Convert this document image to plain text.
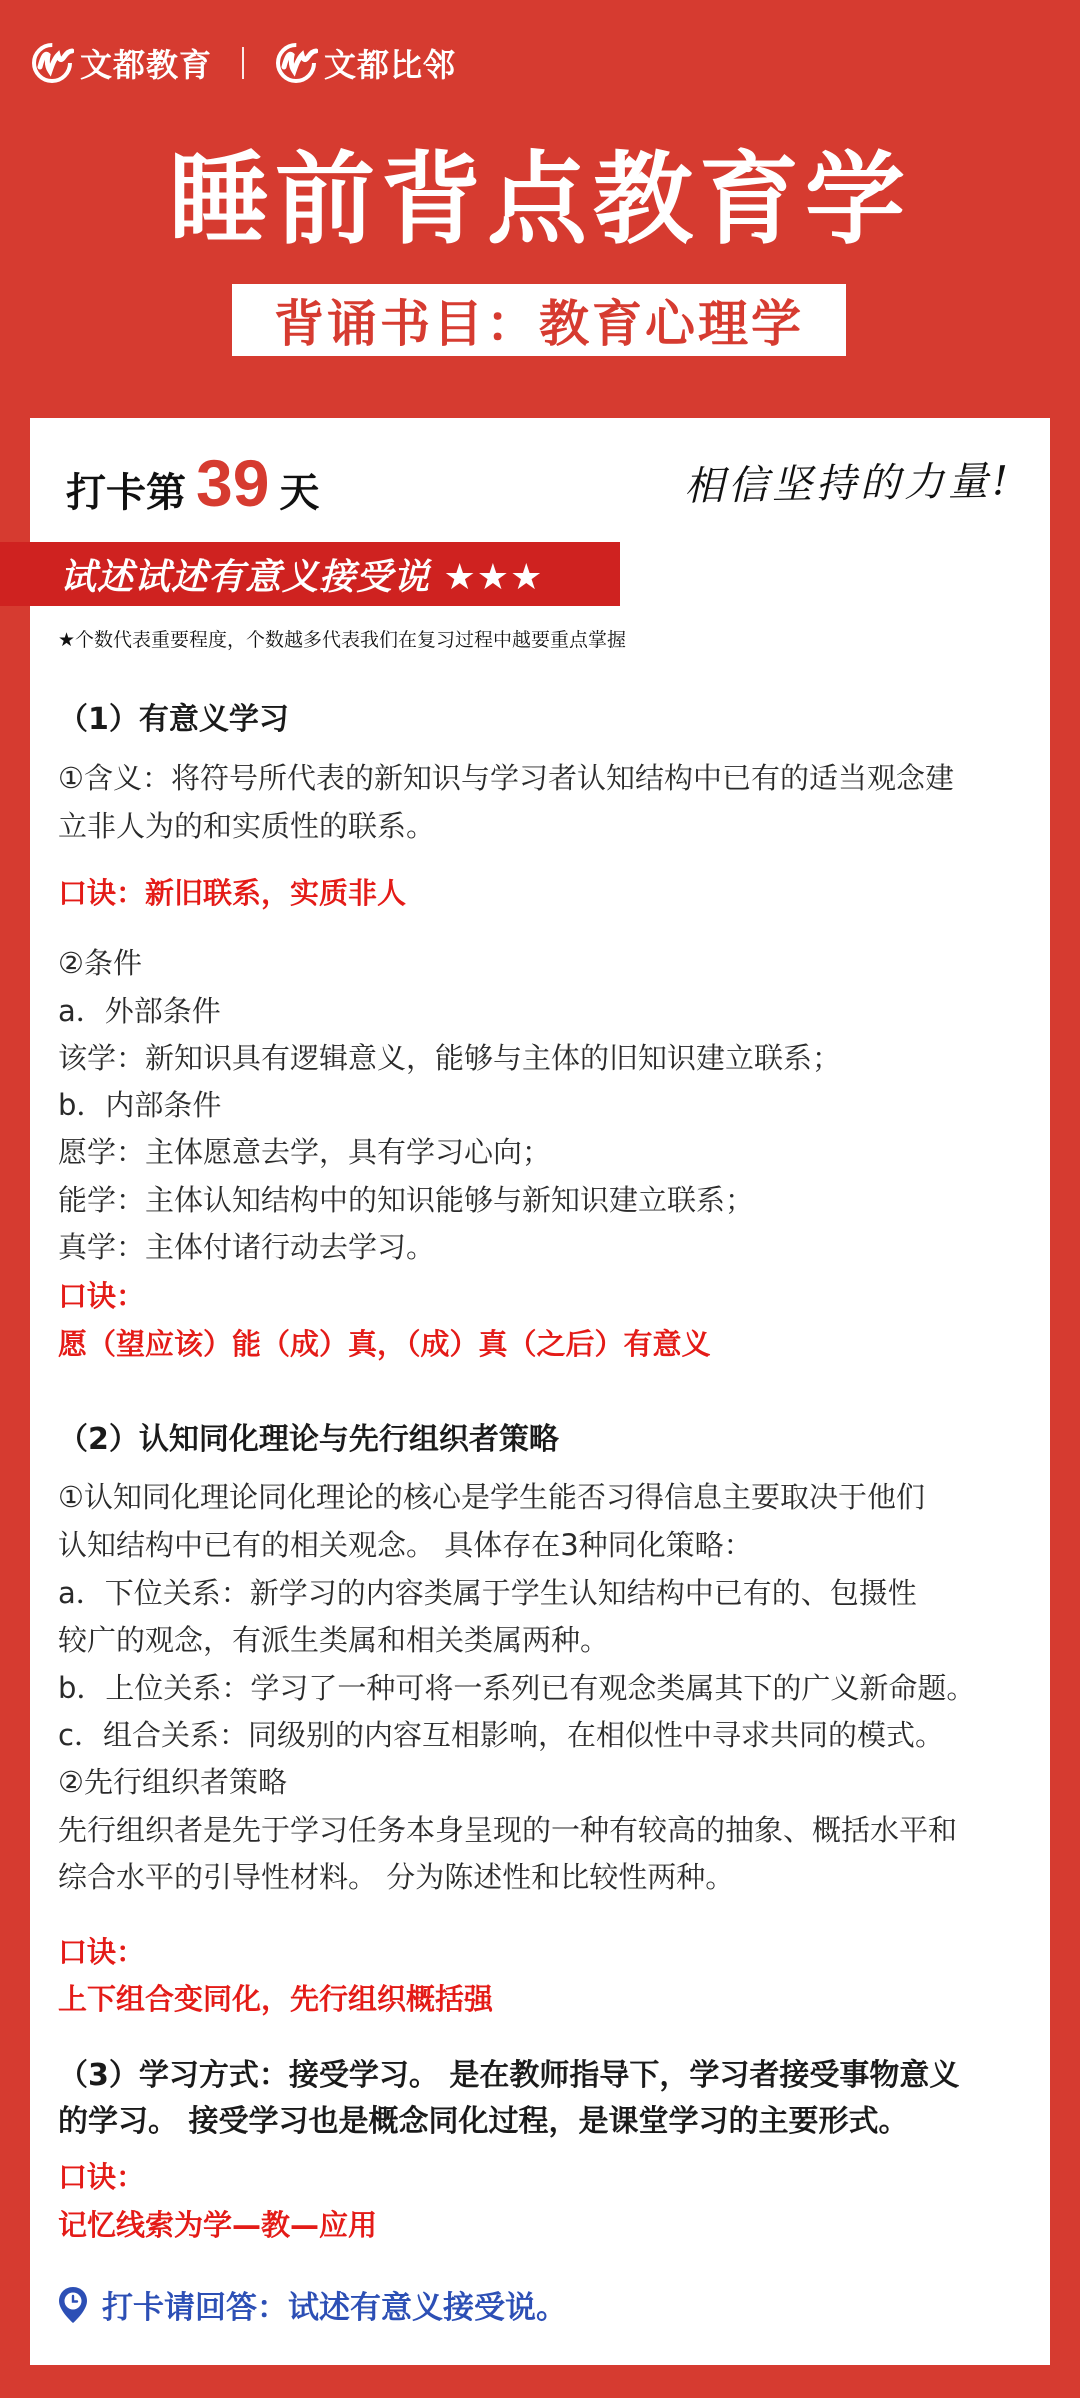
文都教育	文都比邻
睡前背点教育学
背诵书目：教育心理学
打卡第 39 天	相信坚持的力量!
试述试述有意义接受说 ★★★
★个数代表重要程度，个数越多代表我们在复习过程中越要重点掌握
（1）有意义学习
①含义：将符号所代表的新知识与学习者认知结构中已有的适当观念建
立非人为的和实质性的联系。
口诀：新旧联系，实质非人
②条件
a．外部条件
该学：新知识具有逻辑意义，能够与主体的旧知识建立联系；
b．内部条件
愿学：主体愿意去学，具有学习心向；
能学：主体认知结构中的知识能够与新知识建立联系；
真学：主体付诸行动去学习。
口诀：
愿（望应该）能（成）真，（成）真（之后）有意义
（2）认知同化理论与先行组织者策略
①认知同化理论同化理论的核心是学生能否习得信息主要取决于他们
认知结构中已有的相关观念。 具体存在3种同化策略：
a．下位关系：新学习的内容类属于学生认知结构中已有的、包摄性
较广的观念，有派生类属和相关类属两种。
b．上位关系：学习了一种可将一系列已有观念类属其下的广义新命题。
c．组合关系：同级别的内容互相影响，在相似性中寻求共同的模式。
②先行组织者策略
先行组织者是先于学习任务本身呈现的一种有较高的抽象、概括水平和
综合水平的引导性材料。 分为陈述性和比较性两种。
口诀：
上下组合变同化，先行组织概括强
（3）学习方式：接受学习。 是在教师指导下，学习者接受事物意义
的学习。 接受学习也是概念同化过程，是课堂学习的主要形式。
口诀：
记忆线索为学—教—应用
打卡请回答：试述有意义接受说。
